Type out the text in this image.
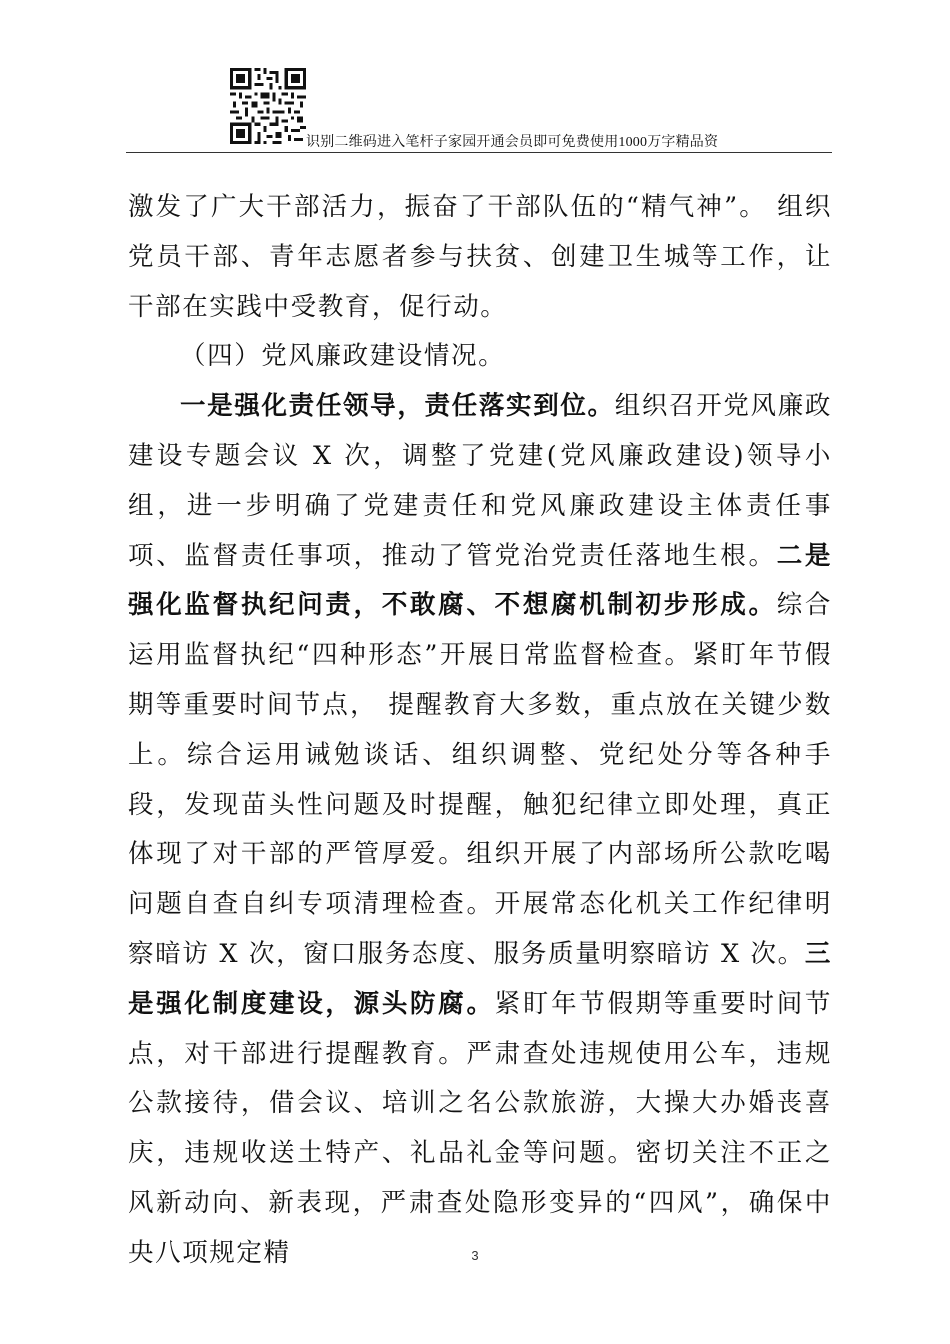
识别二维码进入笔杆子家园开通会员即可免费使用1000万字精品资

激发了广大干部活力，振奋了干部队伍的“精气神”。 组织党员干部、青年志愿者参与扶贫、创建卫生城等工作，让干部在实践中受教育，促行动。

（四）党风廉政建设情况。

一是强化责任领导，责任落实到位。组织召开党风廉政建设专题会议 X 次，调整了党建(党风廉政建设)领导小组，进一步明确了党建责任和党风廉政建设主体责任事项、监督责任事项，推动了管党治党责任落地生根。二是强化监督执纪问责，不敢腐、不想腐机制初步形成。综合运用监督执纪“四种形态”开展日常监督检查。紧盯年节假期等重要时间节点， 提醒教育大多数，重点放在关键少数上。综合运用诫勉谈话、组织调整、党纪处分等各种手段，发现苗头性问题及时提醒，触犯纪律立即处理，真正体现了对干部的严管厚爱。组织开展了内部场所公款吃喝问题自查自纠专项清理检查。开展常态化机关工作纪律明察暗访 X 次，窗口服务态度、服务质量明察暗访 X 次。三是强化制度建设，源头防腐。紧盯年节假期等重要时间节点，对干部进行提醒教育。严肃查处违规使用公车，违规公款接待，借会议、培训之名公款旅游，大操大办婚丧喜庆，违规收送土特产、礼品礼金等问题。密切关注不正之风新动向、新表现，严肃查处隐形变异的“四风”，确保中央八项规定精	3
